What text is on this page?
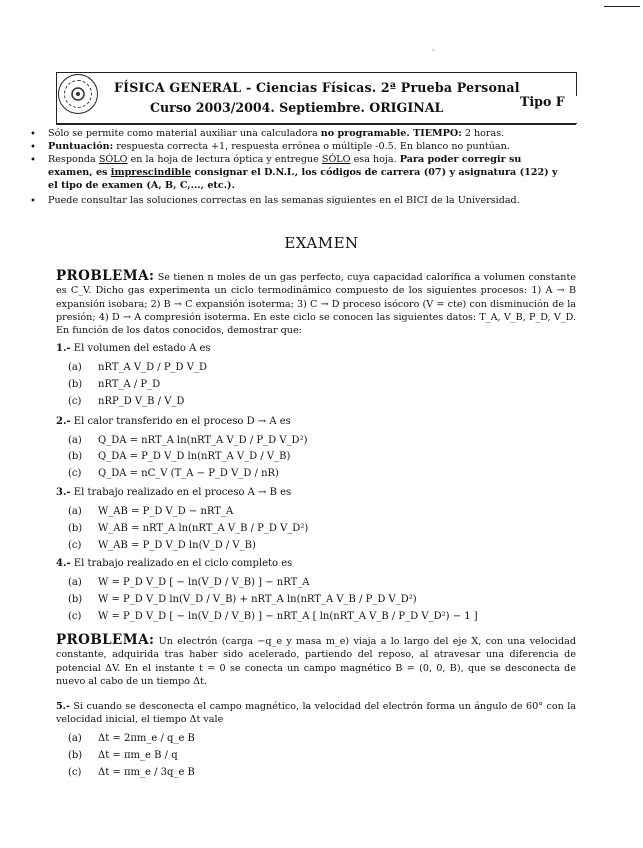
'
FÍSICA GENERAL - Ciencias Físicas. 2ª Prueba Personal
Curso 2003/2004. Septiembre. ORIGINAL	Tipo F
• Sólo se permite como material auxiliar una calculadora no programable. TIEMPO: 2 horas.
• Puntuación: respuesta correcta +1, respuesta errónea o múltiple -0.5. En blanco no puntúan.
• Responda SÓLO en la hoja de lectura óptica y entregue SÓLO esa hoja. Para poder corregir su examen, es imprescindible consignar el D.N.I., los códigos de carrera (07) y asignatura (122) y el tipo de examen (A, B, C,..., etc.).
• Puede consultar las soluciones correctas en las semanas siguientes en el BICI de la Universidad.
EXAMEN
PROBLEMA: Se tienen n moles de un gas perfecto, cuya capacidad calorífica a volumen constante es C_V. Dicho gas experimenta un ciclo termodinámico compuesto de los siguientes procesos: 1) A → B expansión isobara; 2) B → C expansión isoterma; 3) C → D proceso isócoro (V = cte) con disminución de la presión; 4) D → A compresión isoterma. En este ciclo se conocen las siguientes datos: T_A, V_B, P_D, V_D. En función de los datos conocidos, demostrar que:
1.- El volumen del estado A es
(a) nRT_A V_D / P_D V_D
(b) nRT_A / P_D
(c) nRP_D V_B / V_D
2.- El calor transferido en el proceso D → A es
(a) Q_DA = nRT_A ln(nRT_A V_D / P_D V_D²)
(b) Q_DA = P_D V_D ln(nRT_A V_D / V_B)
(c) Q_DA = nC_V (T_A − P_D V_D / nR)
3.- El trabajo realizado en el proceso A → B es
(a) W_AB = P_D V_D − nRT_A
(b) W_AB = nRT_A ln(nRT_A V_B / P_D V_D²)
(c) W_AB = P_D V_D ln(V_D / V_B)
4.- El trabajo realizado en el ciclo completo es
(a) W = P_D V_D [ − ln(V_D / V_B) ] − nRT_A
(b) W = P_D V_D ln(V_D / V_B) + nRT_A ln(nRT_A V_B / P_D V_D²)
(c) W = P_D V_D [ − ln(V_D / V_B) ] − nRT_A [ ln(nRT_A V_B / P_D V_D²) − 1 ]
PROBLEMA: Un electrón (carga −q_e y masa m_e) viaja a lo largo del eje X, con una velocidad constante, adquirida tras haber sido acelerado, partiendo del reposo, al atravesar una diferencia de potencial ΔV. En el instante t = 0 se conecta un campo magnético B = (0, 0, B), que se desconecta de nuevo al cabo de un tiempo Δt.
5.- Si cuando se desconecta el campo magnético, la velocidad del electrón forma un ángulo de 60° con la velocidad inicial, el tiempo Δt vale
(a) Δt = 2πm_e / q_e B
(b) Δt = πm_e B / q
(c) Δt = πm_e / 3q_e B
